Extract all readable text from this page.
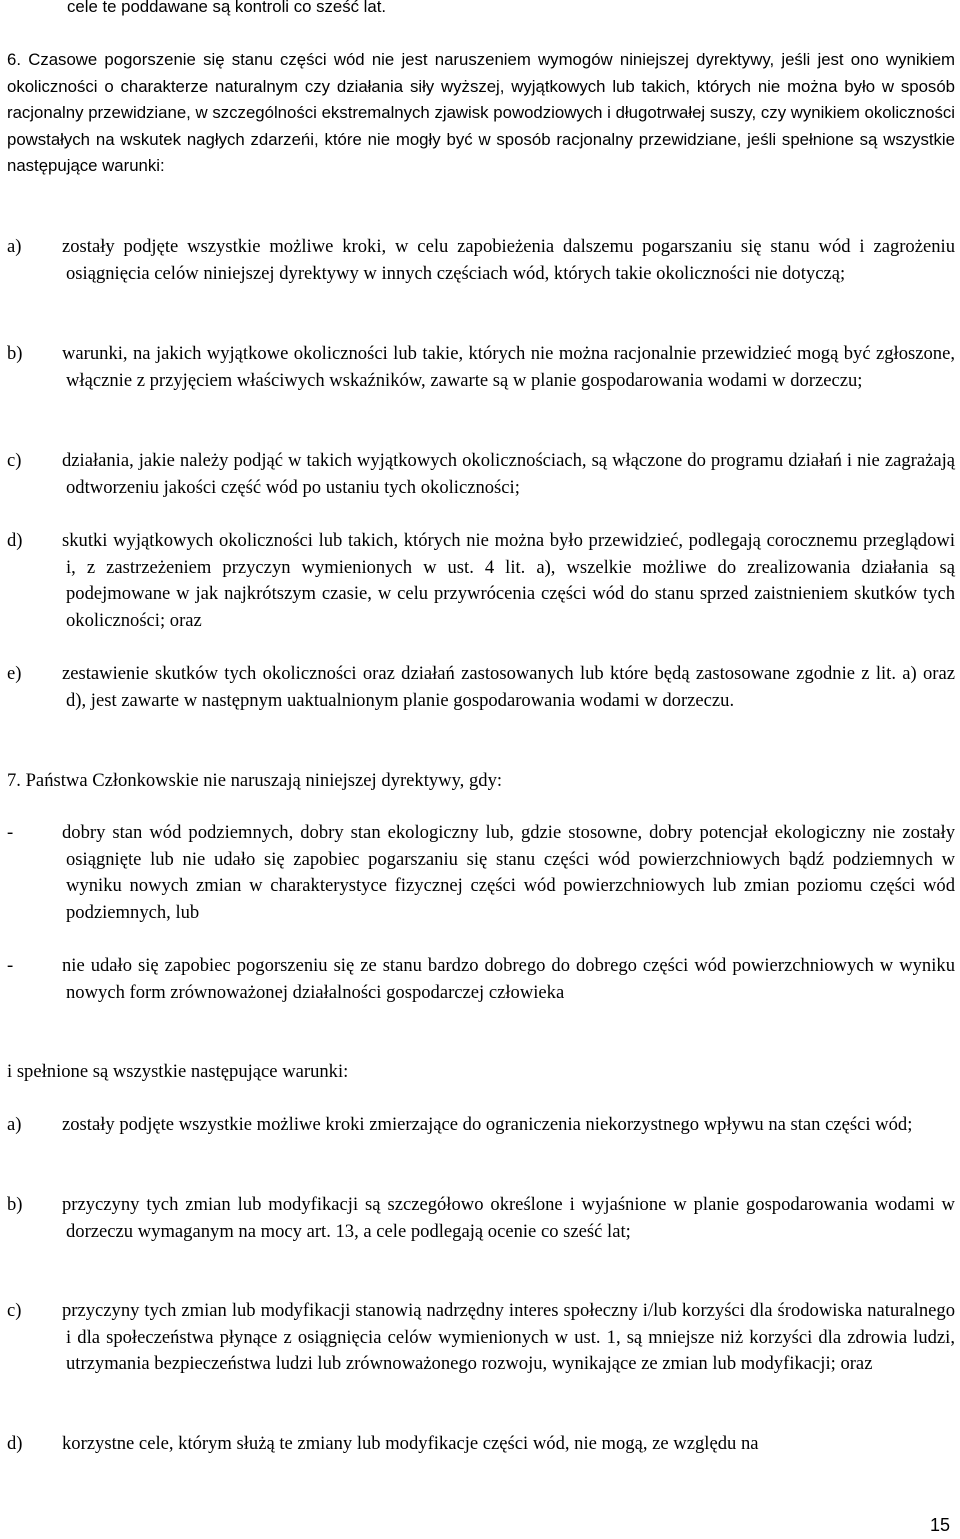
cele te poddawane są kontroli co sześć lat.

6. Czasowe pogorszenie się stanu części wód nie jest naruszeniem wymogów niniejszej dyrektywy, jeśli jest ono wynikiem okoliczności o charakterze naturalnym czy działania siły wyższej, wyjątkowych lub takich, których nie można było w sposób racjonalny przewidziane, w szczególności ekstremalnych zjawisk powodziowych i długotrwałej suszy, czy wynikiem okoliczności powstałych na wskutek nagłych zdarzeńi, które nie mogły być w sposób racjonalny przewidziane, jeśli spełnione są wszystkie następujące warunki:

a) zostały podjęte wszystkie możliwe kroki, w celu zapobieżenia dalszemu pogarszaniu się stanu wód i zagrożeniu osiągnięcia celów niniejszej dyrektywy w innych częściach wód, których takie okoliczności nie dotyczą;
b) warunki, na jakich wyjątkowe okoliczności lub takie, których nie można racjonalnie przewidzieć mogą być zgłoszone, włącznie z przyjęciem właściwych wskaźników, zawarte są w planie gospodarowania wodami w dorzeczu;
c) działania, jakie należy podjąć w takich wyjątkowych okolicznościach, są włączone do programu działań i nie zagrażają odtworzeniu jakości część wód po ustaniu tych okoliczności;
d) skutki wyjątkowych okoliczności lub takich, których nie można było przewidzieć, podlegają corocznemu przeglądowi i, z zastrzeżeniem przyczyn wymienionych w ust. 4 lit. a), wszelkie możliwe do zrealizowania działania są podejmowane w jak najkrótszym czasie, w celu przywrócenia części wód do stanu sprzed zaistnieniem skutków tych okoliczności; oraz
e) zestawienie skutków tych okoliczności oraz działań zastosowanych lub które będą zastosowane zgodnie z lit. a) oraz d), jest zawarte w następnym uaktualnionym planie gospodarowania wodami w dorzeczu.

7. Państwa Członkowskie nie naruszają niniejszej dyrektywy, gdy:

-	dobry stan wód podziemnych, dobry stan ekologiczny lub, gdzie stosowne, dobry potencjał ekologiczny nie zostały osiągnięte lub nie udało się zapobiec pogarszaniu się stanu części wód powierzchniowych bądź podziemnych w wyniku nowych zmian w charakterystyce fizycznej części wód powierzchniowych lub zmian poziomu części wód podziemnych, lub
-	nie udało się zapobiec pogorszeniu się ze stanu bardzo dobrego do dobrego części wód powierzchniowych w wyniku nowych form zrównoważonej działalności gospodarczej człowieka

i spełnione są wszystkie następujące warunki:

a) zostały podjęte wszystkie możliwe kroki zmierzające do ograniczenia niekorzystnego wpływu na stan części wód;
b) przyczyny tych zmian lub modyfikacji są szczegółowo określone i wyjaśnione w planie gospodarowania wodami w dorzeczu wymaganym na mocy art. 13, a cele podlegają ocenie co sześć lat;
c) przyczyny tych zmian lub modyfikacji stanowią nadrzędny interes społeczny i/lub korzyści dla środowiska naturalnego i dla społeczeństwa płynące z osiągnięcia celów wymienionych w ust. 1, są mniejsze niż korzyści dla zdrowia ludzi, utrzymania bezpieczeństwa ludzi lub zrównoważonego rozwoju, wynikające ze zmian lub modyfikacji; oraz
d) korzystne cele, którym służą te zmiany lub modyfikacje części wód, nie mogą, ze względu na
15
